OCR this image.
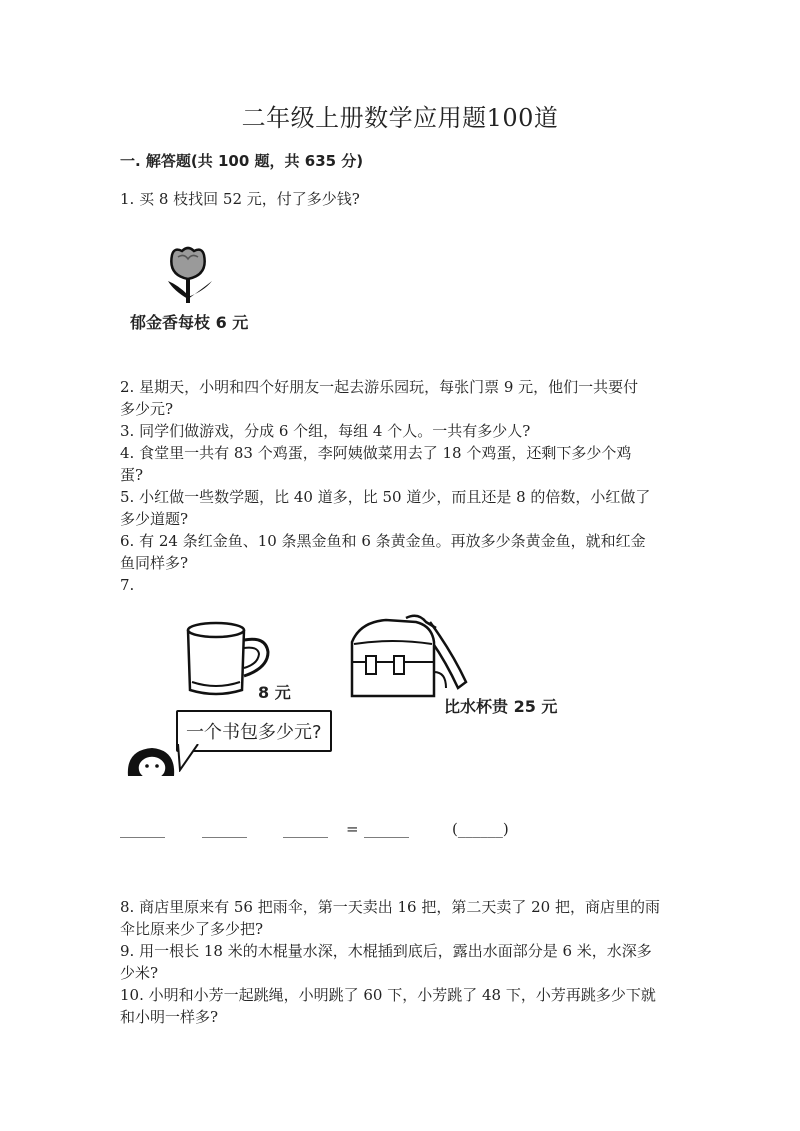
二年级上册数学应用题100道
一. 解答题(共 100 题，共 635 分)
1. 买 8 枝找回 52 元，付了多少钱?
郁金香每枝 6 元
2. 星期天，小明和四个好朋友一起去游乐园玩，每张门票 9 元，他们一共要付
多少元?
3. 同学们做游戏，分成 6 个组，每组 4 个人。一共有多少人?
4. 食堂里一共有 83 个鸡蛋，李阿姨做菜用去了 18 个鸡蛋，还剩下多少个鸡
蛋?
5. 小红做一些数学题，比 40 道多，比 50 道少，而且还是 8 的倍数，小红做了
多少道题?
6. 有 24 条红金鱼、10 条黑金鱼和 6 条黄金鱼。再放多少条黄金鱼，就和红金
鱼同样多?
7.
8 元
比水杯贵 25 元
一个书包多少元?
______ ______ ______ = ______	(______)
8. 商店里原来有 56 把雨伞，第一天卖出 16 把，第二天卖了 20 把，商店里的雨
伞比原来少了多少把?
9. 用一根长 18 米的木棍量水深，木棍插到底后，露出水面部分是 6 米，水深多
少米?
10. 小明和小芳一起跳绳，小明跳了 60 下，小芳跳了 48 下，小芳再跳多少下就
和小明一样多?
